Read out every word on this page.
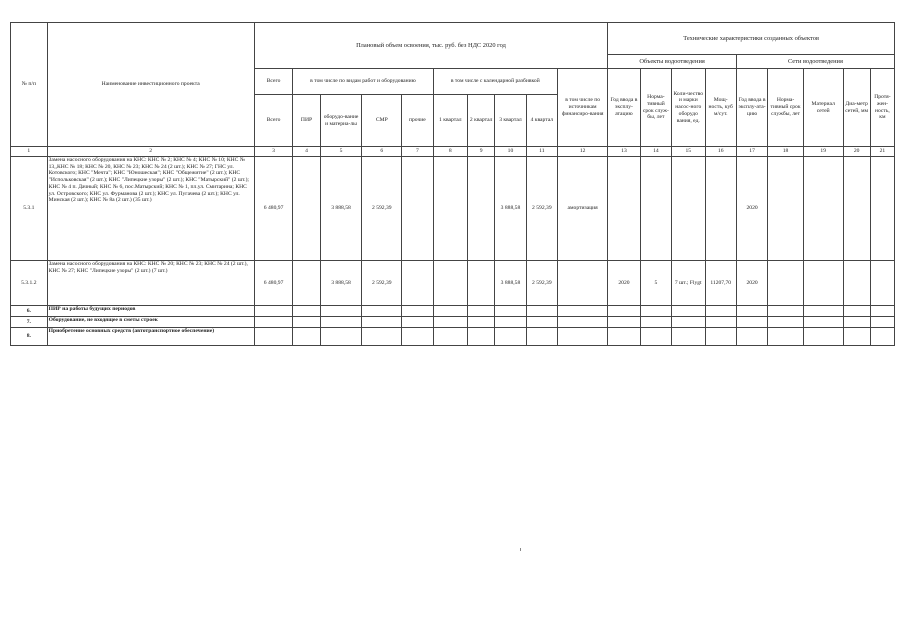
№ п/п	Наименование инвестиционного проекта	Плановый объем освоения, тыс. руб. без НДС 2020 год										Технические характеристики созданных объектов								
												Объекты водоотведения				Сети водоотведения				
		Всего	в том числе по видам работ и оборудованию				в том числе с календарной разбивкой				в том числе по источникам финансиро-вания	Год ввода в эксплу-атацию	Норма-тивный срок служ-бы, лет	Коли-чество и марки насос-ного оборудо вания, ед.	Мощ-ность, куб м/сут.	Год ввода в эксплу-ата-цию	Норма-тивный срок службы, лет	Материал сетей	Диа-метр сетей, мм	Протя-жен-ность, км
		Всего	ПИР	оборудо-вание и материа-лы	СМР	прочие	1 квартал	2 квартал	3 квартал	4 квартал										
1	2	3	4	5	6	7	8	9	10	11	12	13	14	15	16	17	18	19	20	21
5.3.1	Замена насосного оборудования на КНС: КНС № 2; КНС № 4; КНС № 10; КНС № 13,,КНС № 18; КНС № 20, КНС № 23; КНС № 24 (2 шт.); КНС № 27; ГНС ул. Котовского; КНС "Мечта"; КНС "Юношеская"; КНС "Общежитие" (2 шт.); КНС "Испольковская" (2 шт.); КНС "Липецкие узоры" (2 шт.); КНС "Матырский" (2 шт.); КНС № 4 п. Дачный; КНС № 6, пос.Матырский; КНС № 1, пл.ул. Смитарина; КНС ул. Островского; КНС ул. Фурманова (2 шт.); КНС ул. Пугачева (2 шт.); КНС ул. Минская (2 шт.); КНС № 8а (2 шт.) (35 шт.)	6 480,97		3 888,58	2 592,39				3 888,58	2 592,39	амортизация					2020				
5.3.1.2	Замена насосного оборудования на КНС: КНС № 20; КНС № 23; КНС № 24 (2 шт.), КНС № 27; КНС "Липецкие узоры" (2 шт.) (7 шт.)	6 480,97		3 888,58	2 592,39				3 888,58	2 592,39		2020	5	7 шт.; Flygt	11207,70	2020				
6.	ПИР на работы будущих периодов																			
7.	Оборудование, не входящее в сметы строек																			
8.	Приобретение основных средств (автотранспортное обеспечение)																			
